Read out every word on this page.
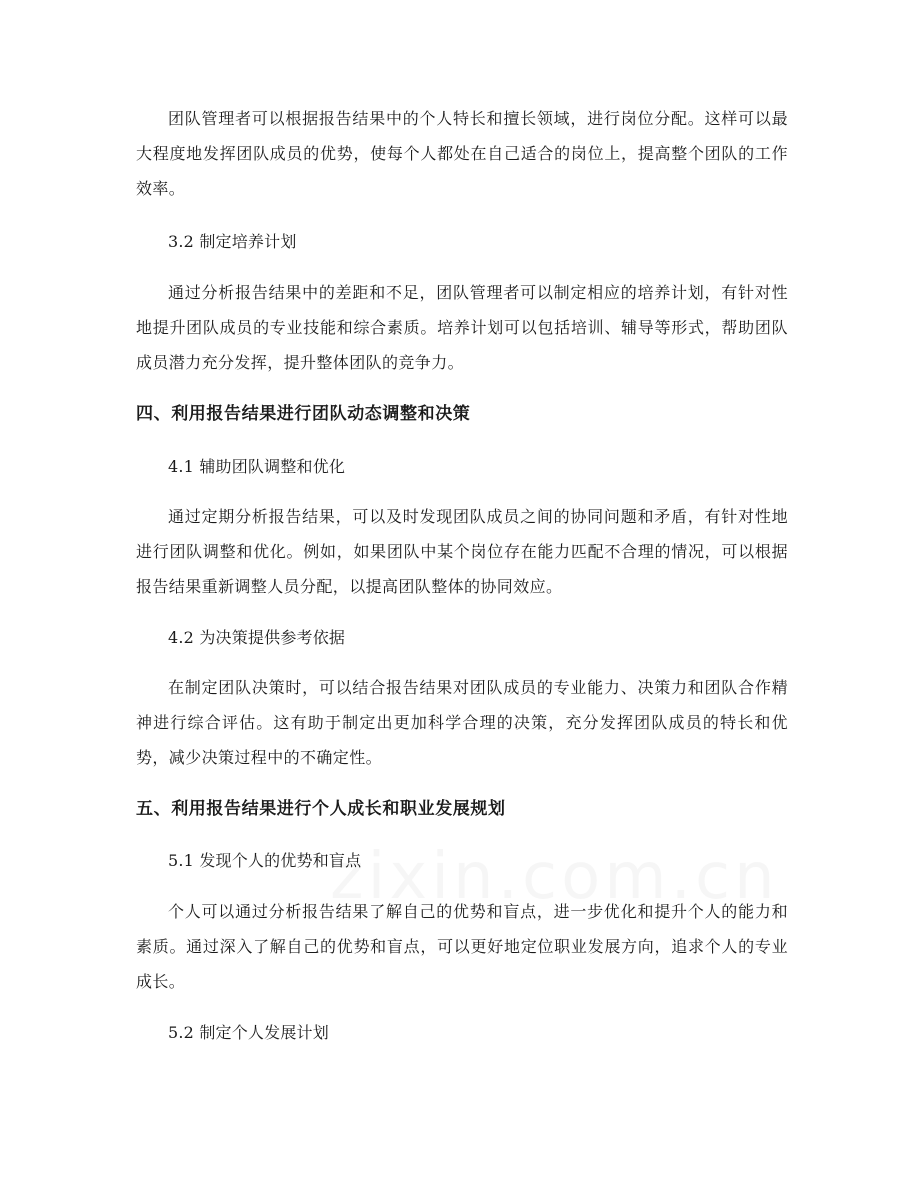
团队管理者可以根据报告结果中的个人特长和擅长领域，进行岗位分配。这样可以最大程度地发挥团队成员的优势，使每个人都处在自己适合的岗位上，提高整个团队的工作效率。

3.2 制定培养计划

通过分析报告结果中的差距和不足，团队管理者可以制定相应的培养计划，有针对性地提升团队成员的专业技能和综合素质。培养计划可以包括培训、辅导等形式，帮助团队成员潜力充分发挥，提升整体团队的竞争力。

四、利用报告结果进行团队动态调整和决策

4.1 辅助团队调整和优化

通过定期分析报告结果，可以及时发现团队成员之间的协同问题和矛盾，有针对性地进行团队调整和优化。例如，如果团队中某个岗位存在能力匹配不合理的情况，可以根据报告结果重新调整人员分配，以提高团队整体的协同效应。

4.2 为决策提供参考依据

在制定团队决策时，可以结合报告结果对团队成员的专业能力、决策力和团队合作精神进行综合评估。这有助于制定出更加科学合理的决策，充分发挥团队成员的特长和优势，减少决策过程中的不确定性。

五、利用报告结果进行个人成长和职业发展规划

5.1 发现个人的优势和盲点

个人可以通过分析报告结果了解自己的优势和盲点，进一步优化和提升个人的能力和素质。通过深入了解自己的优势和盲点，可以更好地定位职业发展方向，追求个人的专业成长。

5.2 制定个人发展计划
